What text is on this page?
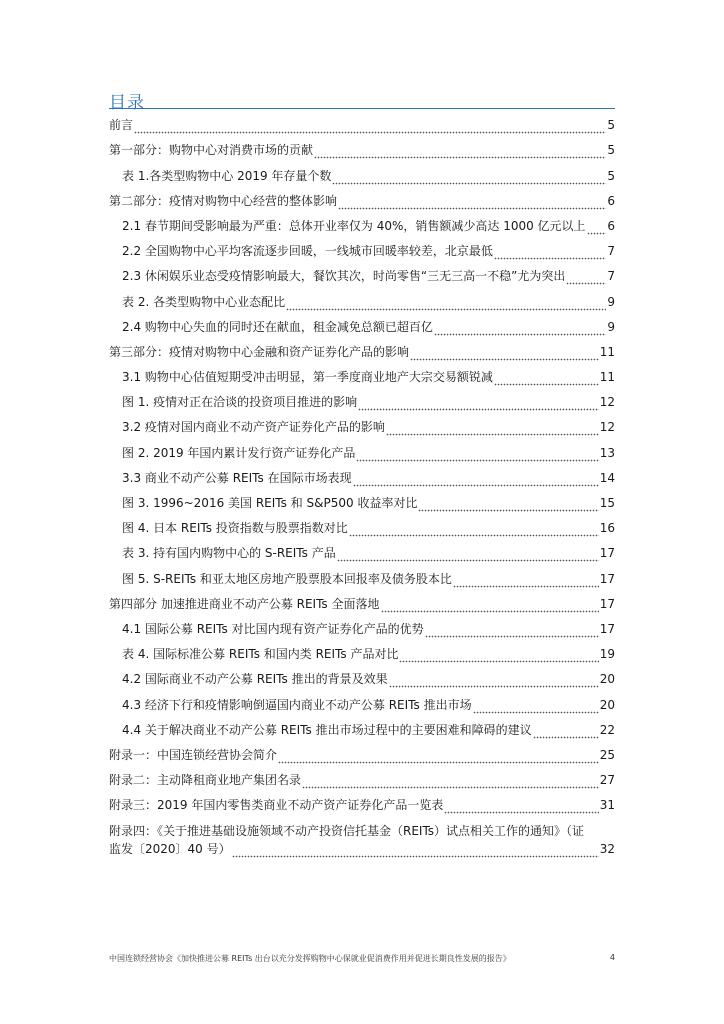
目录
前言	5
第一部分：购物中心对消费市场的贡献	5
表 1.各类型购物中心 2019 年存量个数	5
第二部分：疫情对购物中心经营的整体影响	6
2.1 春节期间受影响最为严重：总体开业率仅为 40%，销售额减少高达 1000 亿元以上 6
2.2 全国购物中心平均客流逐步回暖，一线城市回暖率较差，北京最低	7
2.3 休闲娱乐业态受疫情影响最大，餐饮其次，时尚零售“三无三高一不稳”尤为突出	7
表 2. 各类型购物中心业态配比	9
2.4 购物中心失血的同时还在献血，租金减免总额已超百亿	9
第三部分：疫情对购物中心金融和资产证券化产品的影响	11
3.1 购物中心估值短期受冲击明显，第一季度商业地产大宗交易额锐减	11
图 1. 疫情对正在洽谈的投资项目推进的影响	12
3.2 疫情对国内商业不动产资产证券化产品的影响	12
图 2. 2019 年国内累计发行资产证券化产品	13
3.3 商业不动产公募 REITs 在国际市场表现	14
图 3. 1996~2016 美国 REITs 和 S&P500 收益率对比	15
图 4. 日本 REITs 投资指数与股票指数对比	16
表 3. 持有国内购物中心的 S-REITs 产品	17
图 5. S-REITs 和亚太地区房地产股票股本回报率及债务股本比	17
第四部分 加速推进商业不动产公募 REITs 全面落地	17
4.1 国际公募 REITs 对比国内现有资产证券化产品的优势	17
表 4. 国际标准公募 REITs 和国内类 REITs 产品对比	19
4.2 国际商业不动产公募 REITs 推出的背景及效果	20
4.3 经济下行和疫情影响倒逼国内商业不动产公募 REITs 推出市场	20
4.4 关于解决商业不动产公募 REITs 推出市场过程中的主要困难和障碍的建议	22
附录一：中国连锁经营协会简介	25
附录二：主动降租商业地产集团名录	27
附录三：2019 年国内零售类商业不动产资产证券化产品一览表	31
附录四：《关于推进基础设施领域不动产投资信托基金（REITs）试点相关工作的通知》（证
监发〔2020〕40 号）	32
中国连锁经营协会《加快推进公募 REITs 出台以充分发挥购物中心保就业促消费作用并促进长期良性发展的报告》	4
